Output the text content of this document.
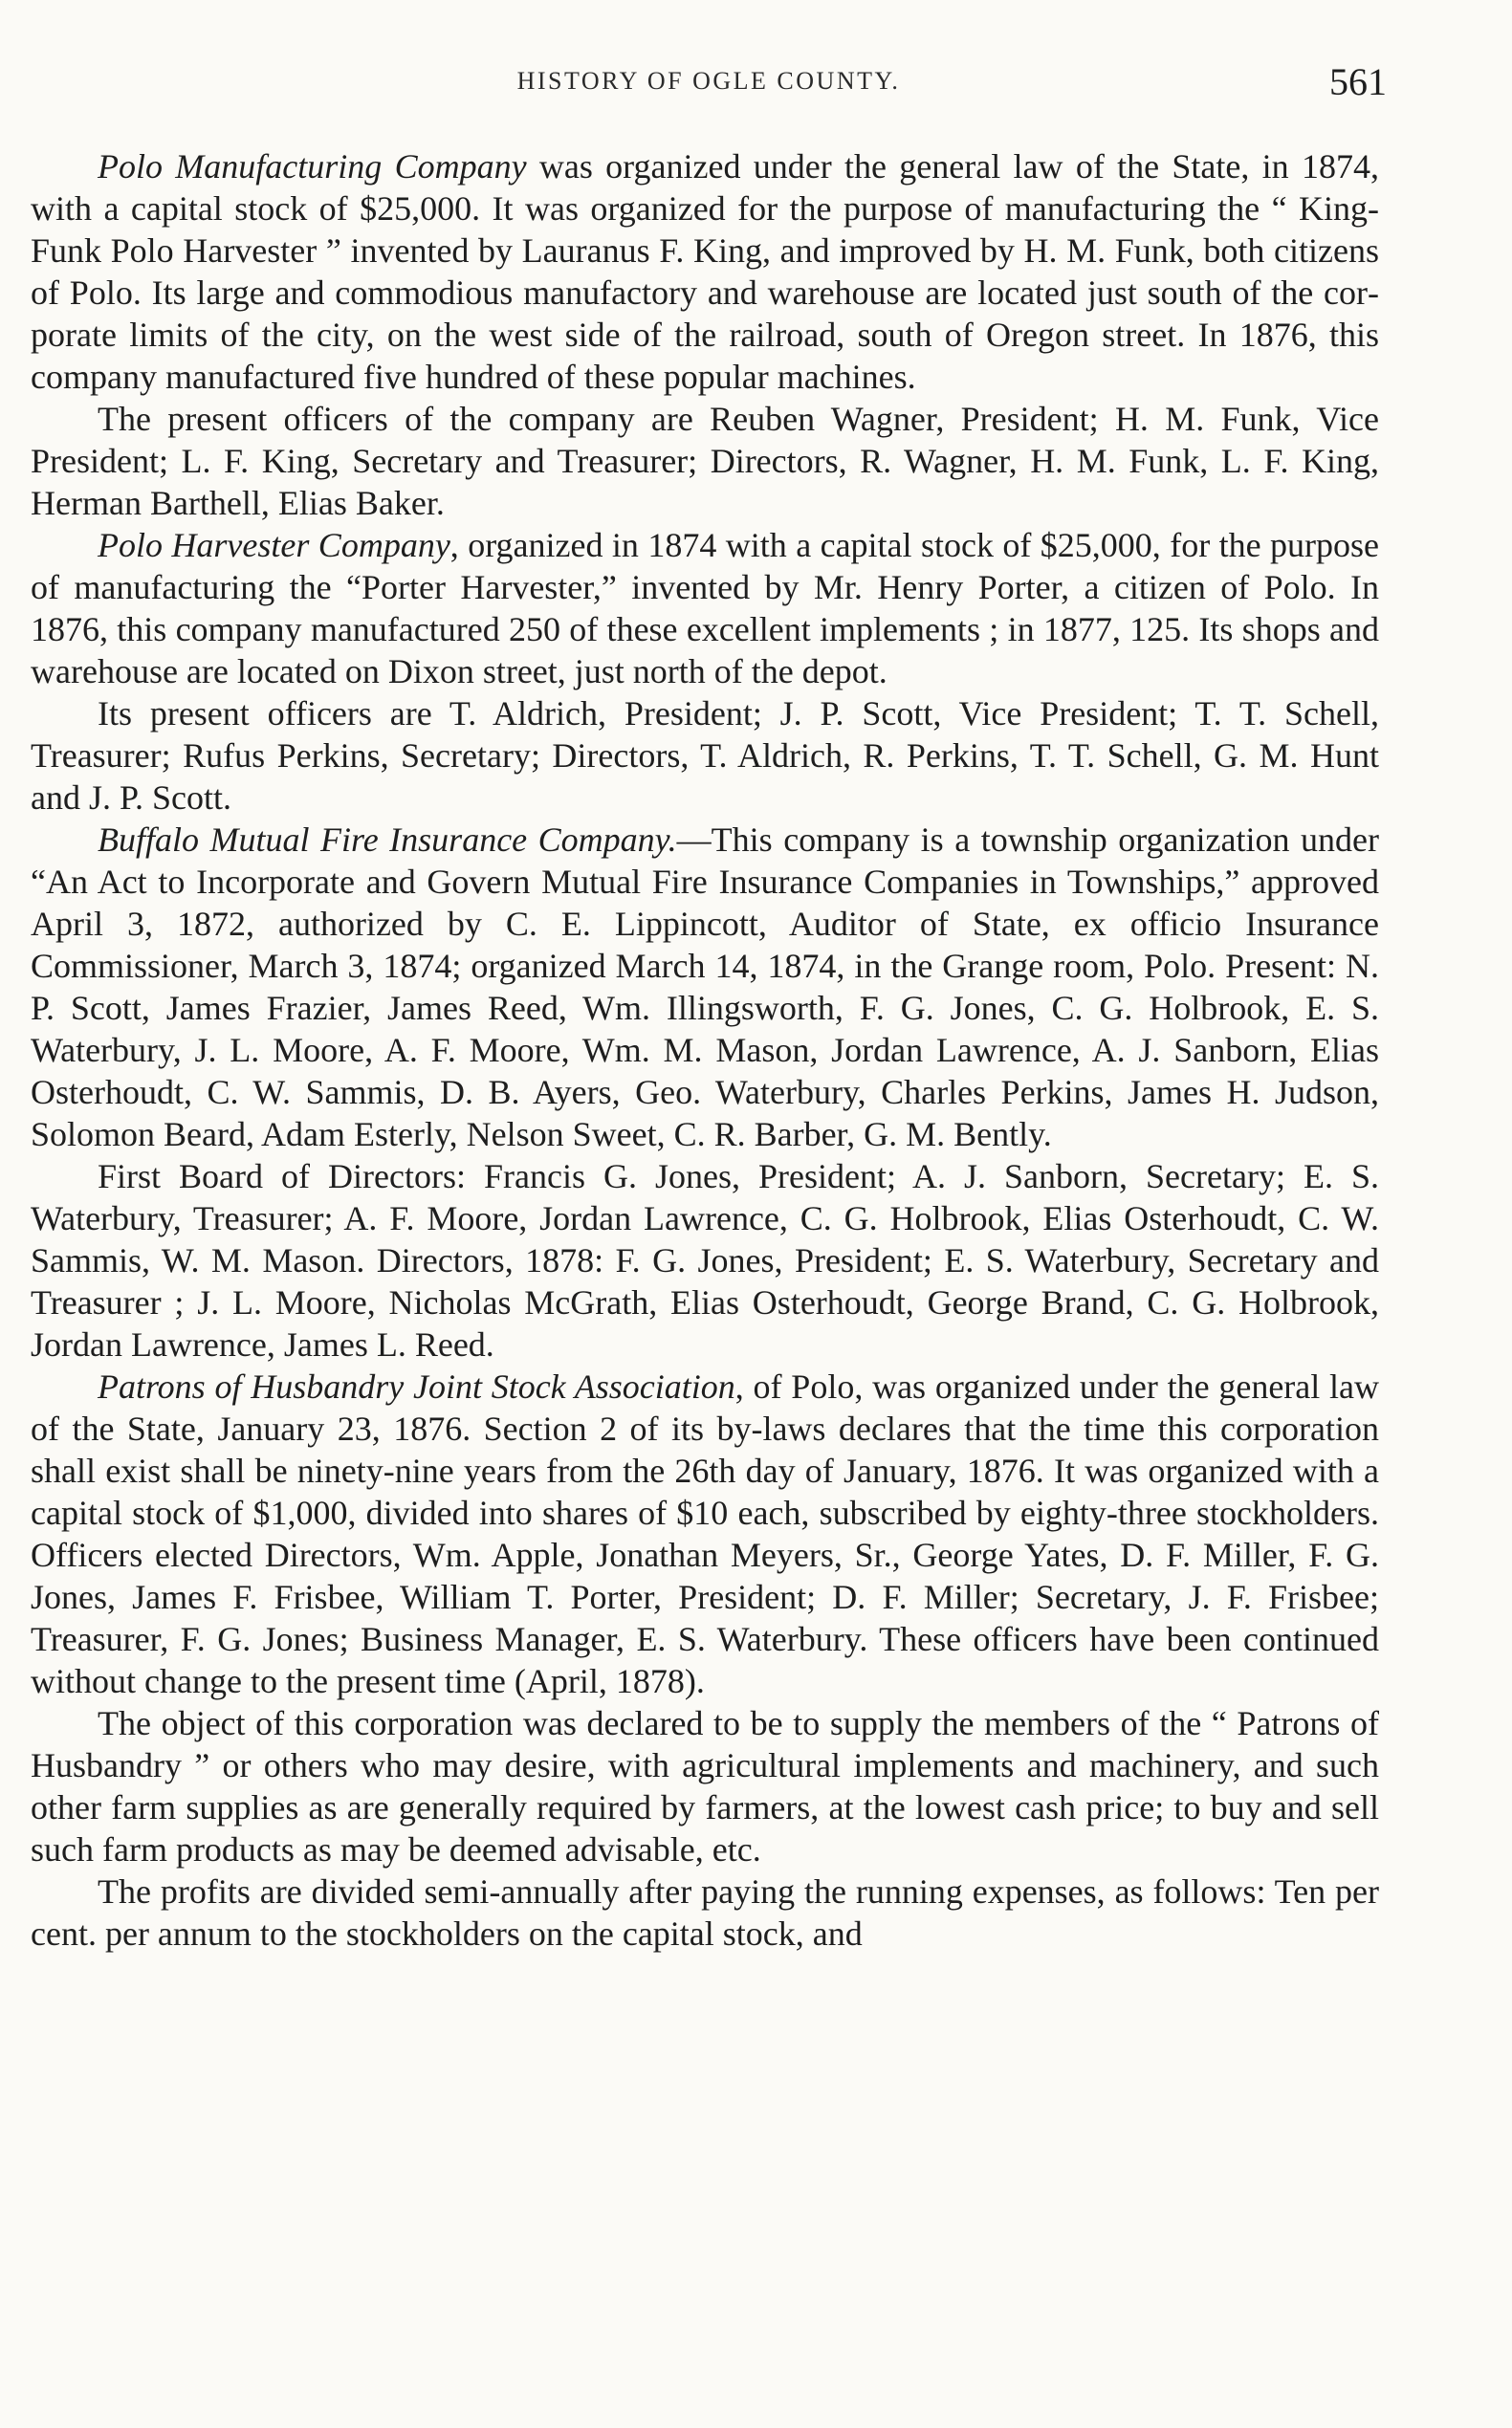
HISTORY OF OGLE COUNTY.	561

Polo Manufacturing Company was organized under the general law of the State, in 1874, with a capital stock of $25,000. It was organized for the purpose of manufacturing the “ King-Funk Polo Harvester ” invented by Lauranus F. King, and improved by H. M. Funk, both citizens of Polo. Its large and commodious manufactory and warehouse are located just south of the corporate limits of the city, on the west side of the railroad, south of Oregon street. In 1876, this company manufactured five hundred of these popular machines.

The present officers of the company are Reuben Wagner, President; H. M. Funk, Vice President; L. F. King, Secretary and Treasurer; Directors, R. Wagner, H. M. Funk, L. F. King, Herman Barthell, Elias Baker.

Polo Harvester Company, organized in 1874 with a capital stock of $25,000, for the purpose of manufacturing the “Porter Harvester,” invented by Mr. Henry Porter, a citizen of Polo. In 1876, this company manufactured 250 of these excellent implements ; in 1877, 125. Its shops and warehouse are located on Dixon street, just north of the depot.

Its present officers are T. Aldrich, President; J. P. Scott, Vice President; T. T. Schell, Treasurer; Rufus Perkins, Secretary; Directors, T. Aldrich, R. Perkins, T. T. Schell, G. M. Hunt and J. P. Scott.

Buffalo Mutual Fire Insurance Company.—This company is a township organization under “An Act to Incorporate and Govern Mutual Fire Insurance Companies in Townships,” approved April 3, 1872, authorized by C. E. Lippincott, Auditor of State, ex officio Insurance Commissioner, March 3, 1874; organized March 14, 1874, in the Grange room, Polo. Present: N. P. Scott, James Frazier, James Reed, Wm. Illingsworth, F. G. Jones, C. G. Holbrook, E. S. Waterbury, J. L. Moore, A. F. Moore, Wm. M. Mason, Jordan Lawrence, A. J. Sanborn, Elias Osterhoudt, C. W. Sammis, D. B. Ayers, Geo. Waterbury, Charles Perkins, James H. Judson, Solomon Beard, Adam Esterly, Nelson Sweet, C. R. Barber, G. M. Bently.

First Board of Directors: Francis G. Jones, President; A. J. Sanborn, Secretary; E. S. Waterbury, Treasurer; A. F. Moore, Jordan Lawrence, C. G. Holbrook, Elias Osterhoudt, C. W. Sammis, W. M. Mason. Directors, 1878: F. G. Jones, President; E. S. Waterbury, Secretary and Treasurer ; J. L. Moore, Nicholas McGrath, Elias Osterhoudt, George Brand, C. G. Holbrook, Jordan Lawrence, James L. Reed.

Patrons of Husbandry Joint Stock Association, of Polo, was organized under the general law of the State, January 23, 1876. Section 2 of its by-laws declares that the time this corporation shall exist shall be ninety-nine years from the 26th day of January, 1876. It was organized with a capital stock of $1,000, divided into shares of $10 each, subscribed by eighty-three stockholders. Officers elected Directors, Wm. Apple, Jonathan Meyers, Sr., George Yates, D. F. Miller, F. G. Jones, James F. Frisbee, William T. Porter, President; D. F. Miller; Secretary, J. F. Frisbee; Treasurer, F. G. Jones; Business Manager, E. S. Waterbury. These officers have been continued without change to the present time (April, 1878).

The object of this corporation was declared to be to supply the members of the “ Patrons of Husbandry ” or others who may desire, with agricultural implements and machinery, and such other farm supplies as are generally required by farmers, at the lowest cash price; to buy and sell such farm products as may be deemed advisable, etc.

The profits are divided semi-annually after paying the running expenses, as follows: Ten per cent. per annum to the stockholders on the capital stock, and
